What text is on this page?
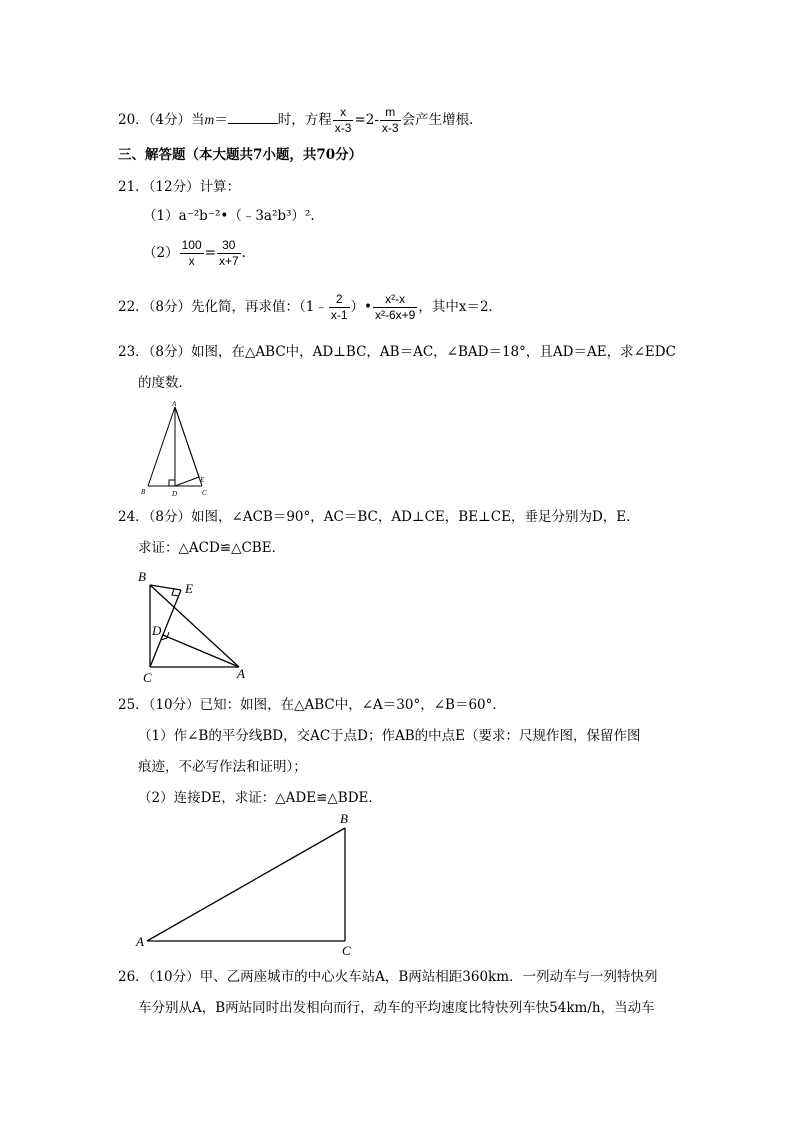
20．（4分）当m＝	时，方程 $\frac{x}{x-3} =2- \frac{m}{x-3}$ 会产生增根．
三、解答题（本大题共7小题，共70分）
21．（12分）计算：
（1）a⁻²b⁻²•（﹣3a²b³）².
$(2) \frac{100}{x} = \frac{30}{x+7}$ .
22．（8分）先化简，再求值：（1﹣ $\frac{2}{x-1}$ ）• $\frac{\text{x²-x}}{\text{x²-6x+9}}$ ，其中x＝2．
23．（8分）如图，在△ABC中，AD⊥BC，AB＝AC，∠BAD＝18°，且AD＝AE，求∠EDC
的度数．
A
B	D
E
C
24．（8分）如图，∠ACB＝90°，AC＝BC，AD⊥CE，BE⊥CE，垂足分别为D，E．
求证：△ACD≌△CBE．
B
E
D
C	A
25．（10分）已知：如图，在△ABC中，∠A＝30°，∠B＝60°．
（1）作∠B的平分线BD，交AC于点D；作AB的中点E（要求：尺规作图，保留作图
痕迹，不必写作法和证明）；
（2）连接DE，求证：△ADE≌△BDE．
B
A
C
26．（10分）甲、乙两座城市的中心火车站A，B两站相距360km．一列动车与一列特快列
车分别从A，B两站同时出发相向而行，动车的平均速度比特快列车快54km/h，当动车
